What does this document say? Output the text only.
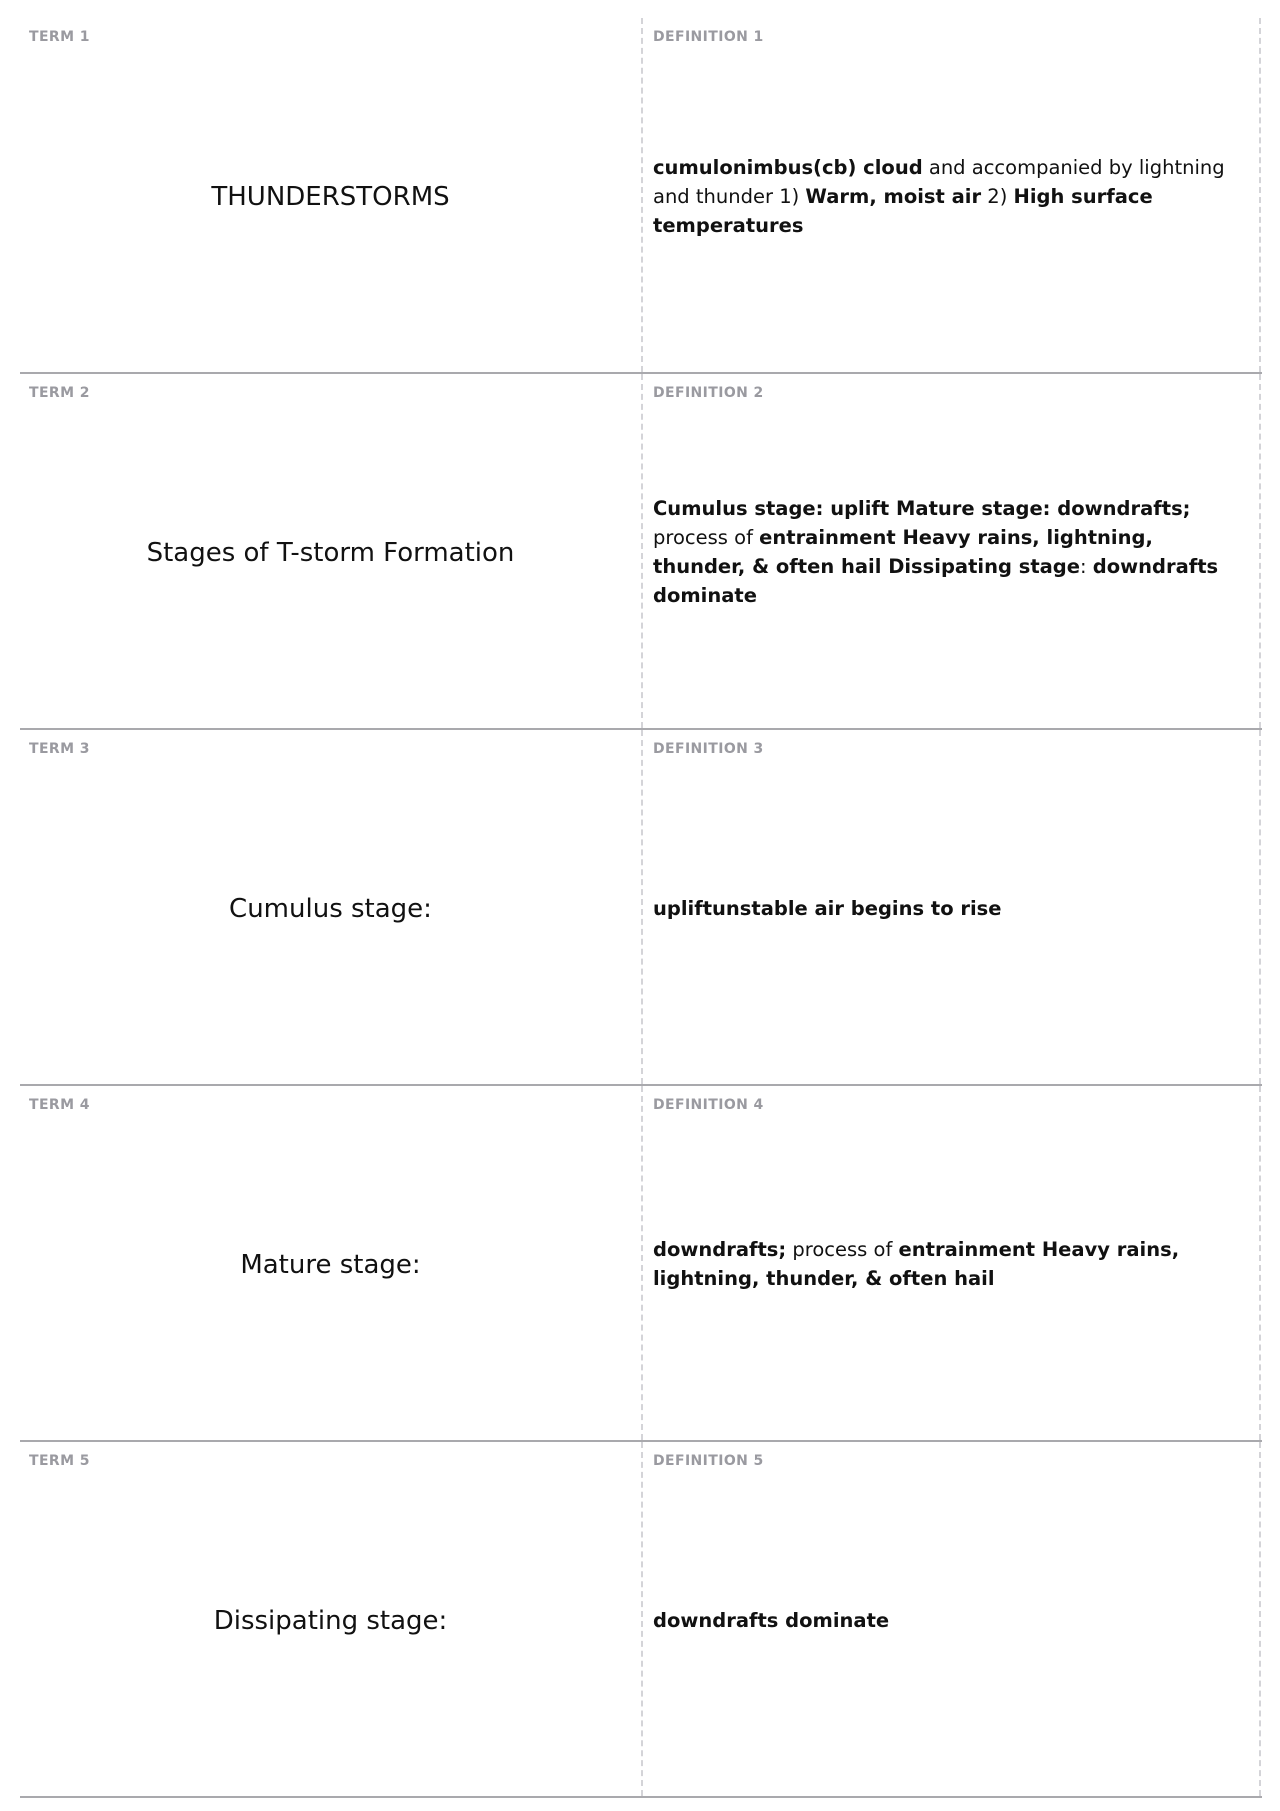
TERM 1
THUNDERSTORMS
DEFINITION 1
cumulonimbus(cb) cloud and accompanied by lightning and thunder 1) Warm, moist air 2) High surface temperatures
TERM 2
Stages of T-storm Formation
DEFINITION 2
Cumulus stage: uplift Mature stage: downdrafts; process of entrainment Heavy rains, lightning, thunder, & often hail Dissipating stage: downdrafts dominate
TERM 3
Cumulus stage:
DEFINITION 3
upliftunstable air begins to rise
TERM 4
Mature stage:
DEFINITION 4
downdrafts; process of entrainment Heavy rains, lightning, thunder, & often hail
TERM 5
Dissipating stage:
DEFINITION 5
downdrafts dominate
